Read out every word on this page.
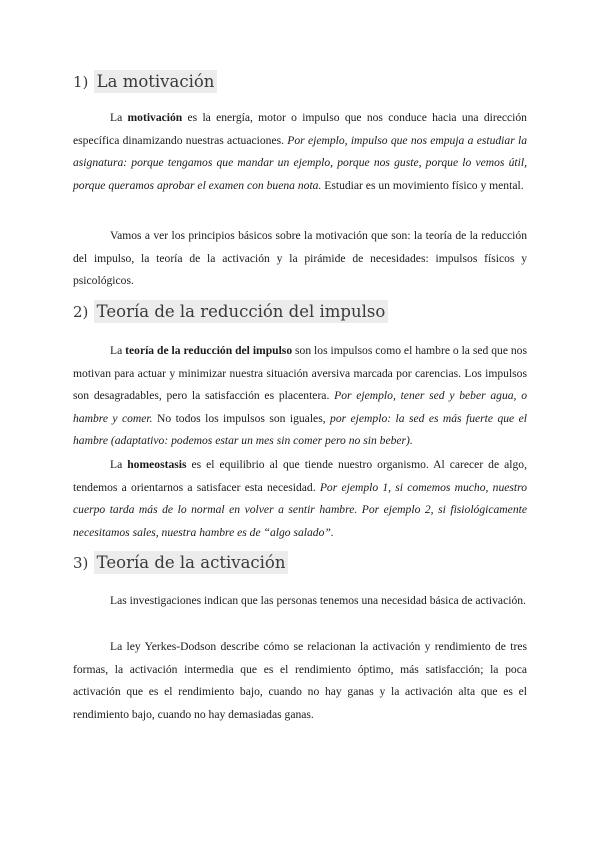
1) La motivación

La motivación es la energía, motor o impulso que nos conduce hacia una dirección específica dinamizando nuestras actuaciones. Por ejemplo, impulso que nos empuja a estudiar la asignatura: porque tengamos que mandar un ejemplo, porque nos guste, porque lo vemos útil, porque queramos aprobar el examen con buena nota. Estudiar es un movimiento físico y mental.

Vamos a ver los principios básicos sobre la motivación que son: la teoría de la reducción del impulso, la teoría de la activación y la pirámide de necesidades: impulsos físicos y psicológicos.

2) Teoría de la reducción del impulso

La teoría de la reducción del impulso son los impulsos como el hambre o la sed que nos motivan para actuar y minimizar nuestra situación aversiva marcada por carencias. Los impulsos son desagradables, pero la satisfacción es placentera. Por ejemplo, tener sed y beber agua, o hambre y comer. No todos los impulsos son iguales, por ejemplo: la sed es más fuerte que el hambre (adaptativo: podemos estar un mes sin comer pero no sin beber).

La homeostasis es el equilibrio al que tiende nuestro organismo. Al carecer de algo, tendemos a orientarnos a satisfacer esta necesidad. Por ejemplo 1, si comemos mucho, nuestro cuerpo tarda más de lo normal en volver a sentir hambre. Por ejemplo 2, si fisiológicamente necesitamos sales, nuestra hambre es de “algo salado”.

3) Teoría de la activación

Las investigaciones indican que las personas tenemos una necesidad básica de activación.

La ley Yerkes-Dodson describe cómo se relacionan la activación y rendimiento de tres formas, la activación intermedia que es el rendimiento óptimo, más satisfacción; la poca activación que es el rendimiento bajo, cuando no hay ganas y la activación alta que es el rendimiento bajo, cuando no hay demasiadas ganas.
